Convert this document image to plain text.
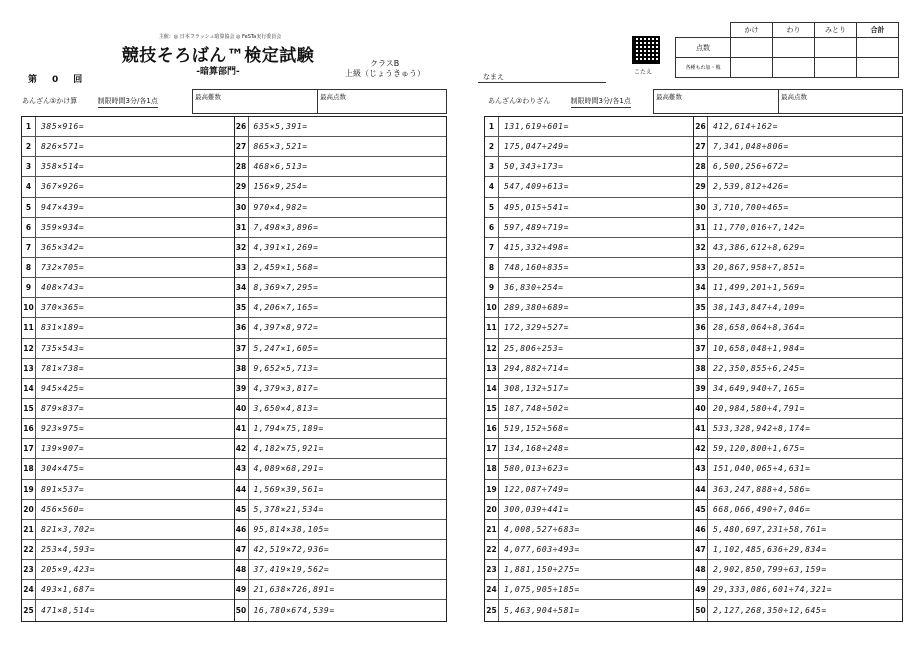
主催：◎ 日本フラッシュ暗算協会 ◎ FeSTa実行委員会
競技そろばん™検定試験
-暗算部門-
第 0 回
クラスB
上級（じょうきゅう）	なまえ
こたえ
	かけ	わり	みとり	合計
点数				
各種もれ加・戦				
あんざん①かけ算	制限時間3分/各1点	最高難数	最高点数	あんざん②わりざん	制限時間3分/各1点	最高難数	最高点数
1	385×916=
2	826×571=
3	358×514=
4	367×926=
5	947×439=
6	359×934=
7	365×342=
8	732×705=
9	408×743=
10 370×365=
11 831×189=
12 735×543=
13 781×738=
14 945×425=
15 879×837=
16 923×975=
17 139×907=
18 304×475=
19 891×537=
20 456×560=
21 821×3,702=
22 253×4,593=
23 205×9,423=
24 493×1,687=
25 471×8,514=
26 635×5,391=
27 865×3,521=
28 468×6,513=
29 156×9,254=
30 970×4,982=
31 7,498×3,896=
32 4,391×1,269=
33 2,459×1,568=
34 8,369×7,295=
35 4,206×7,165=
36 4,397×8,972=
37 5,247×1,605=
38 9,652×5,713=
39 4,379×3,817=
40 3,650×4,813=
41 1,794×75,189=
42 4,182×75,921=
43 4,089×68,291=
44 1,569×39,561=
45 5,378×21,534=
46 95,814×38,105=
47 42,519×72,936=
48 37,419×19,562=
49 21,638×726,891=
50 16,780×674,539=
1	131,619÷601=
2	175,047÷249=
3	50,343÷173=
4	547,409÷613=
5	495,015÷541=
6	597,489÷719=
7	415,332÷498=
8	748,160÷835=
9	36,830÷254=
10 289,380÷689=
11 172,329÷527=
12 25,806÷253=
13 294,882÷714=
14 308,132÷517=
15 187,748÷502=
16 519,152÷568=
17 134,168÷248=
18 580,013÷623=
19 122,087÷749=
20 300,039÷441=
21 4,008,527÷683=
22 4,077,603÷493=
23 1,881,150÷275=
24 1,075,905÷185=
25 5,463,904÷581=
26 412,614÷162=
27 7,341,048÷806=
28 6,500,256÷672=
29 2,539,812÷426=
30 3,710,700÷465=
31 11,770,016÷7,142=
32 43,386,612÷8,629=
33 20,867,958÷7,851=
34 11,499,201÷1,569=
35 38,143,847÷4,109=
36 28,658,064÷8,364=
37 10,658,048÷1,984=
38 22,350,855÷6,245=
39 34,649,940÷7,165=
40 20,984,580÷4,791=
41 533,328,942÷8,174=
42 59,120,800÷1,675=
43 151,040,065÷4,631=
44 363,247,888÷4,586=
45 668,066,490÷7,046=
46 5,480,697,231÷58,761=
47 1,102,485,636÷29,834=
48 2,902,850,799÷63,159=
49 29,333,086,601÷74,321=
50 2,127,268,350÷12,645=
